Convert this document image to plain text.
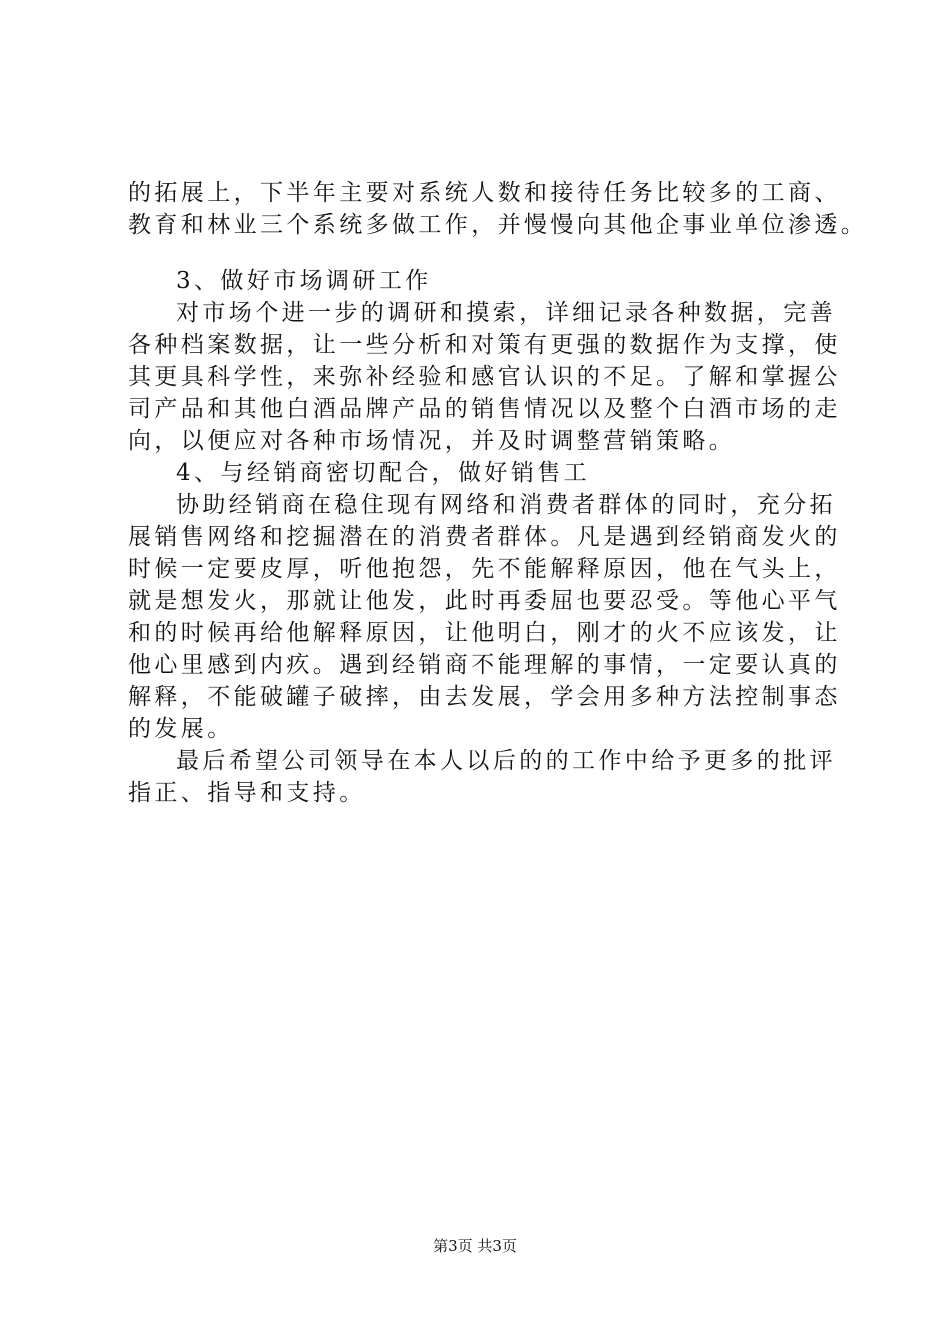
的拓展上，下半年主要对系统人数和接待任务比较多的工商、
教育和林业三个系统多做工作，并慢慢向其他企事业单位渗透。
3、做好市场调研工作
对市场个进一步的调研和摸索，详细记录各种数据，完善
各种档案数据，让一些分析和对策有更强的数据作为支撑，使
其更具科学性，来弥补经验和感官认识的不足。了解和掌握公
司产品和其他白酒品牌产品的销售情况以及整个白酒市场的走
向，以便应对各种市场情况，并及时调整营销策略。
4、与经销商密切配合，做好销售工
协助经销商在稳住现有网络和消费者群体的同时，充分拓
展销售网络和挖掘潜在的消费者群体。凡是遇到经销商发火的
时候一定要皮厚，听他抱怨，先不能解释原因，他在气头上，
就是想发火，那就让他发，此时再委屈也要忍受。等他心平气
和的时候再给他解释原因，让他明白，刚才的火不应该发，让
他心里感到内疚。遇到经销商不能理解的事情，一定要认真的
解释，不能破罐子破摔，由去发展，学会用多种方法控制事态
的发展。
最后希望公司领导在本人以后的的工作中给予更多的批评
指正、指导和支持。
第3页 共3页
